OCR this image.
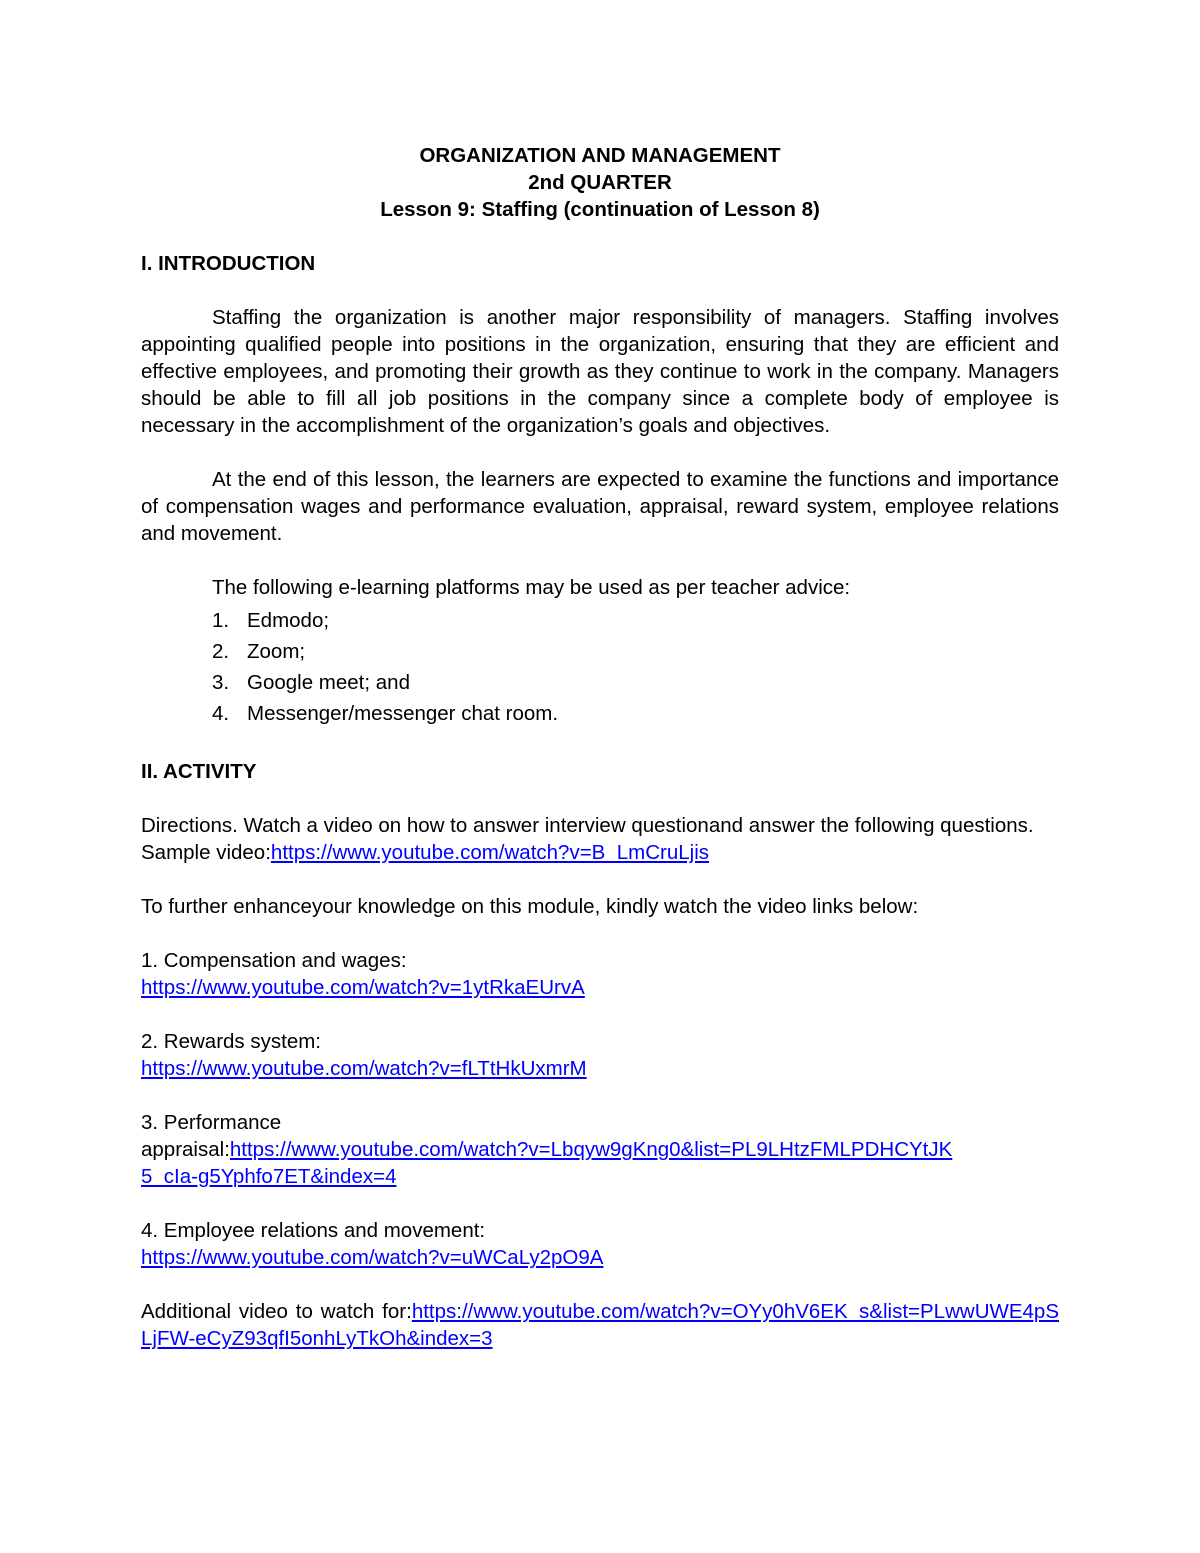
ORGANIZATION AND MANAGEMENT
2nd QUARTER
Lesson 9: Staffing (continuation of Lesson 8)
I. INTRODUCTION
Staffing the organization is another major responsibility of managers. Staffing involves appointing qualified people into positions in the organization, ensuring that they are efficient and effective employees, and promoting their growth as they continue to work in the company. Managers should be able to fill all job positions in the company since a complete body of employee is necessary in the accomplishment of the organization’s goals and objectives.
At the end of this lesson, the learners are expected to examine the functions and importance of compensation wages and performance evaluation, appraisal, reward system, employee relations and movement.
The following e-learning platforms may be used as per teacher advice:
1. Edmodo;
2. Zoom;
3. Google meet; and
4. Messenger/messenger chat room.
II. ACTIVITY
Directions. Watch a video on how to answer interview questionand answer the following questions.
Sample video:https://www.youtube.com/watch?v=B_LmCruLjis
To further enhanceyour knowledge on this module, kindly watch the video links below:
1. Compensation and wages:
https://www.youtube.com/watch?v=1ytRkaEUrvA
2. Rewards system:
https://www.youtube.com/watch?v=fLTtHkUxmrM
3. Performance
appraisal:https://www.youtube.com/watch?v=Lbqyw9gKng0&list=PL9LHtzFMLPDHCYtJK5_cIa-g5Yphfo7ET&index=4
4. Employee relations and movement:
https://www.youtube.com/watch?v=uWCaLy2pO9A
Additional video to watch for:https://www.youtube.com/watch?v=OYy0hV6EK_s&list=PLwwUWE4pSLjFW-eCyZ93qfI5onhLyTkOh&index=3
